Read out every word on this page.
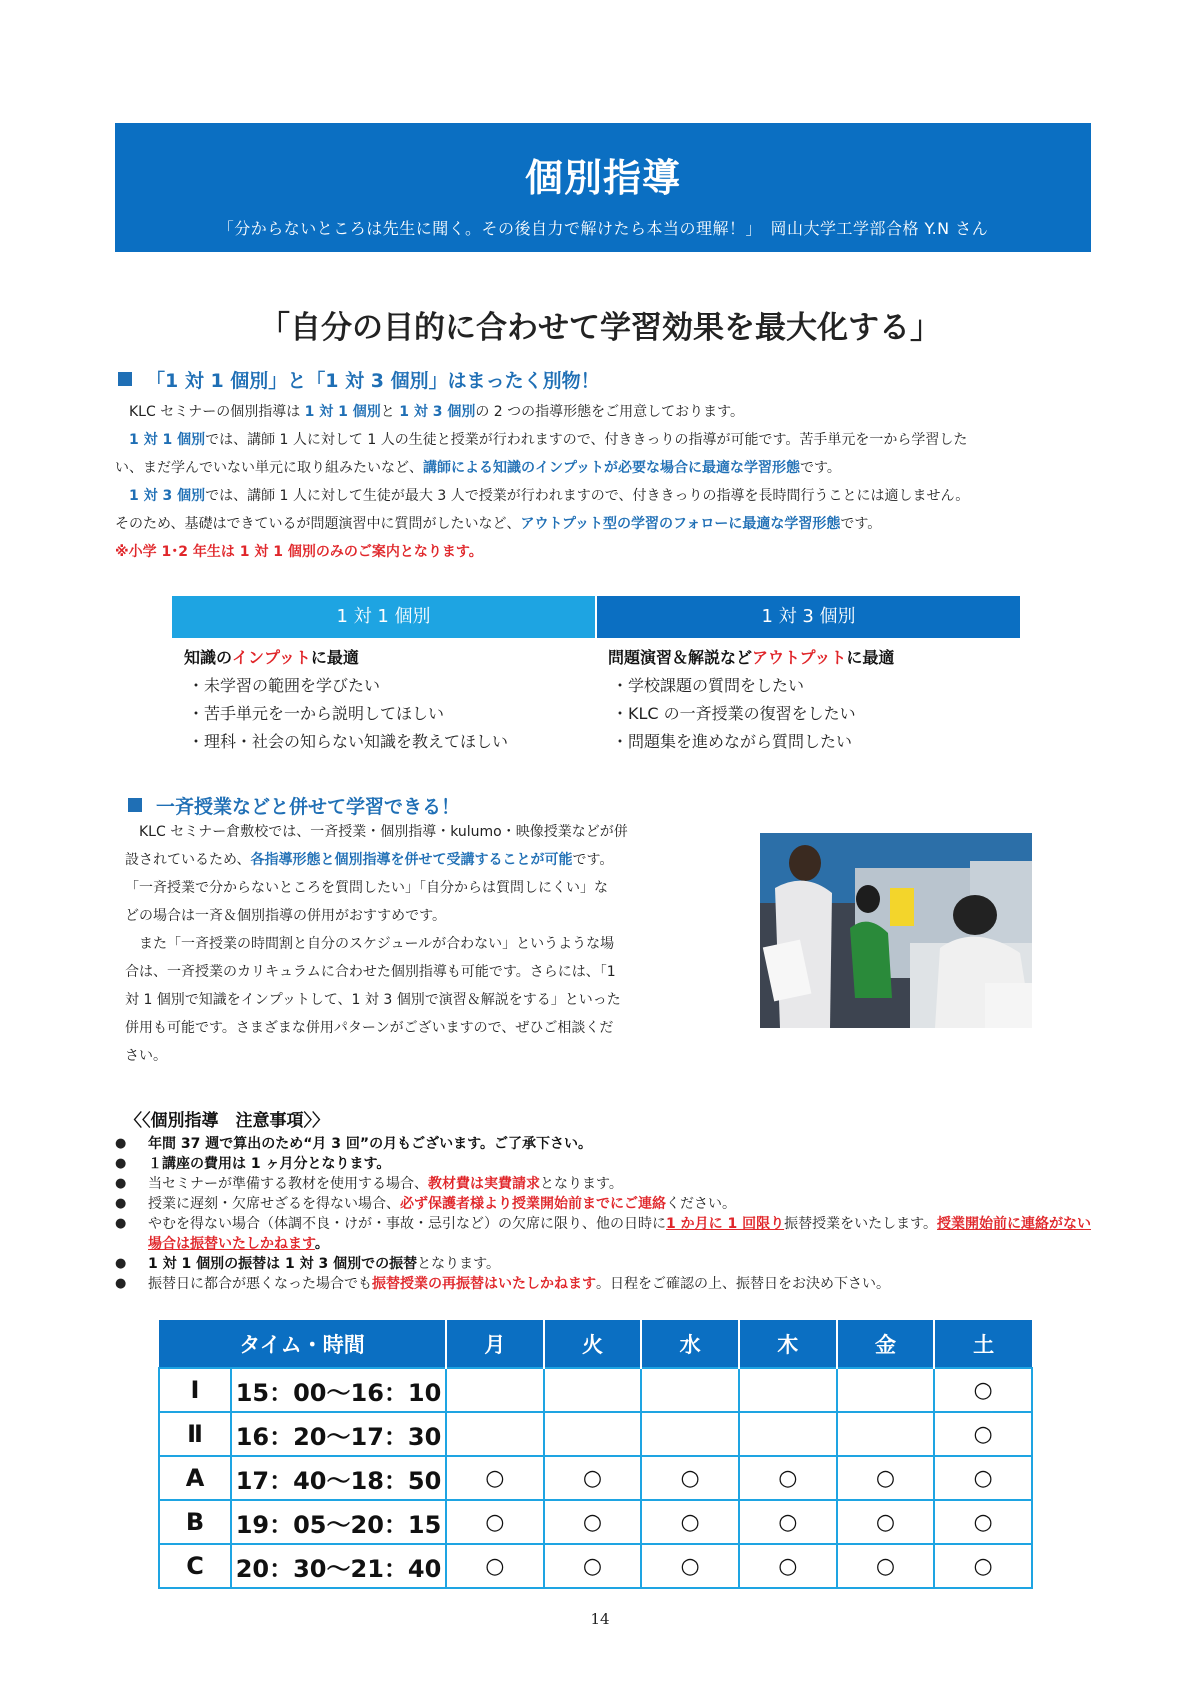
個別指導
「分からないところは先生に聞く。その後自力で解けたら本当の理解！」　岡山大学工学部合格 Y.N さん
「自分の目的に合わせて学習効果を最大化する」
「1 対 1 個別」と「1 対 3 個別」はまったく別物！

KLC セミナーの個別指導は 1 対 1 個別と 1 対 3 個別の 2 つの指導形態をご用意しております。

1 対 1 個別では、講師 1 人に対して 1 人の生徒と授業が行われますので、付ききっりの指導が可能です。苦手単元を一から学習した

い、まだ学んでいない単元に取り組みたいなど、講師による知識のインプットが必要な場合に最適な学習形態です。

1 対 3 個別では、講師 1 人に対して生徒が最大 3 人で授業が行われますので、付ききっりの指導を長時間行うことには適しません。

そのため、基礎はできているが問題演習中に質問がしたいなど、アウトプット型の学習のフォローに最適な学習形態です。

※小学 1･2 年生は 1 対 1 個別のみのご案内となります。

1 対 1 個別	1 対 3 個別
知識のインプットに最適
・未学習の範囲を学びたい
・苦手単元を一から説明してほしい
・理科・社会の知らない知識を教えてほしい
問題演習＆解説などアウトプットに最適
・学校課題の質問をしたい
・KLC の一斉授業の復習をしたい
・問題集を進めながら質問したい
一斉授業などと併せて学習できる！

KLC セミナー倉敷校では、一斉授業・個別指導・kulumo・映像授業などが併

設されているため、各指導形態と個別指導を併せて受講することが可能です。

「一斉授業で分からないところを質問したい」「自分からは質問しにくい」な

どの場合は一斉＆個別指導の併用がおすすめです。

また「一斉授業の時間割と自分のスケジュールが合わない」というような場

合は、一斉授業のカリキュラムに合わせた個別指導も可能です。さらには、「1

対 1 個別で知識をインプットして、1 対 3 個別で演習＆解説をする」といった

併用も可能です。さまざまな併用パターンがございますので、ぜひご相談くだ

さい。

〈〈個別指導　注意事項〉〉
●	年間 37 週で算出のため“月 3 回”の月もございます。ご了承下さい。
●	１講座の費用は 1 ヶ月分となります。
●	当セミナーが準備する教材を使用する場合、教材費は実費請求となります。
●	授業に遅刻・欠席せざるを得ない場合、必ず保護者様より授業開始前までにご連絡ください。
●	やむを得ない場合（体調不良・けが・事故・忌引など）の欠席に限り、他の日時に1 か月に 1 回限り振替授業をいたします。授業開始前に連絡がない場合は振替いたしかねます。
●	1 対 1 個別の振替は 1 対 3 個別での振替となります。
●	振替日に都合が悪くなった場合でも振替授業の再振替はいたしかねます。日程をご確認の上、振替日をお決め下さい。
タイム・時間		月	火	水	木	金	土
Ⅰ	15：00～16：10						○
Ⅱ	16：20～17：30						○
A	17：40～18：50	○	○	○	○	○	○
B	19：05～20：15	○	○	○	○	○	○
C	20：30～21：40	○	○	○	○	○	○
14
